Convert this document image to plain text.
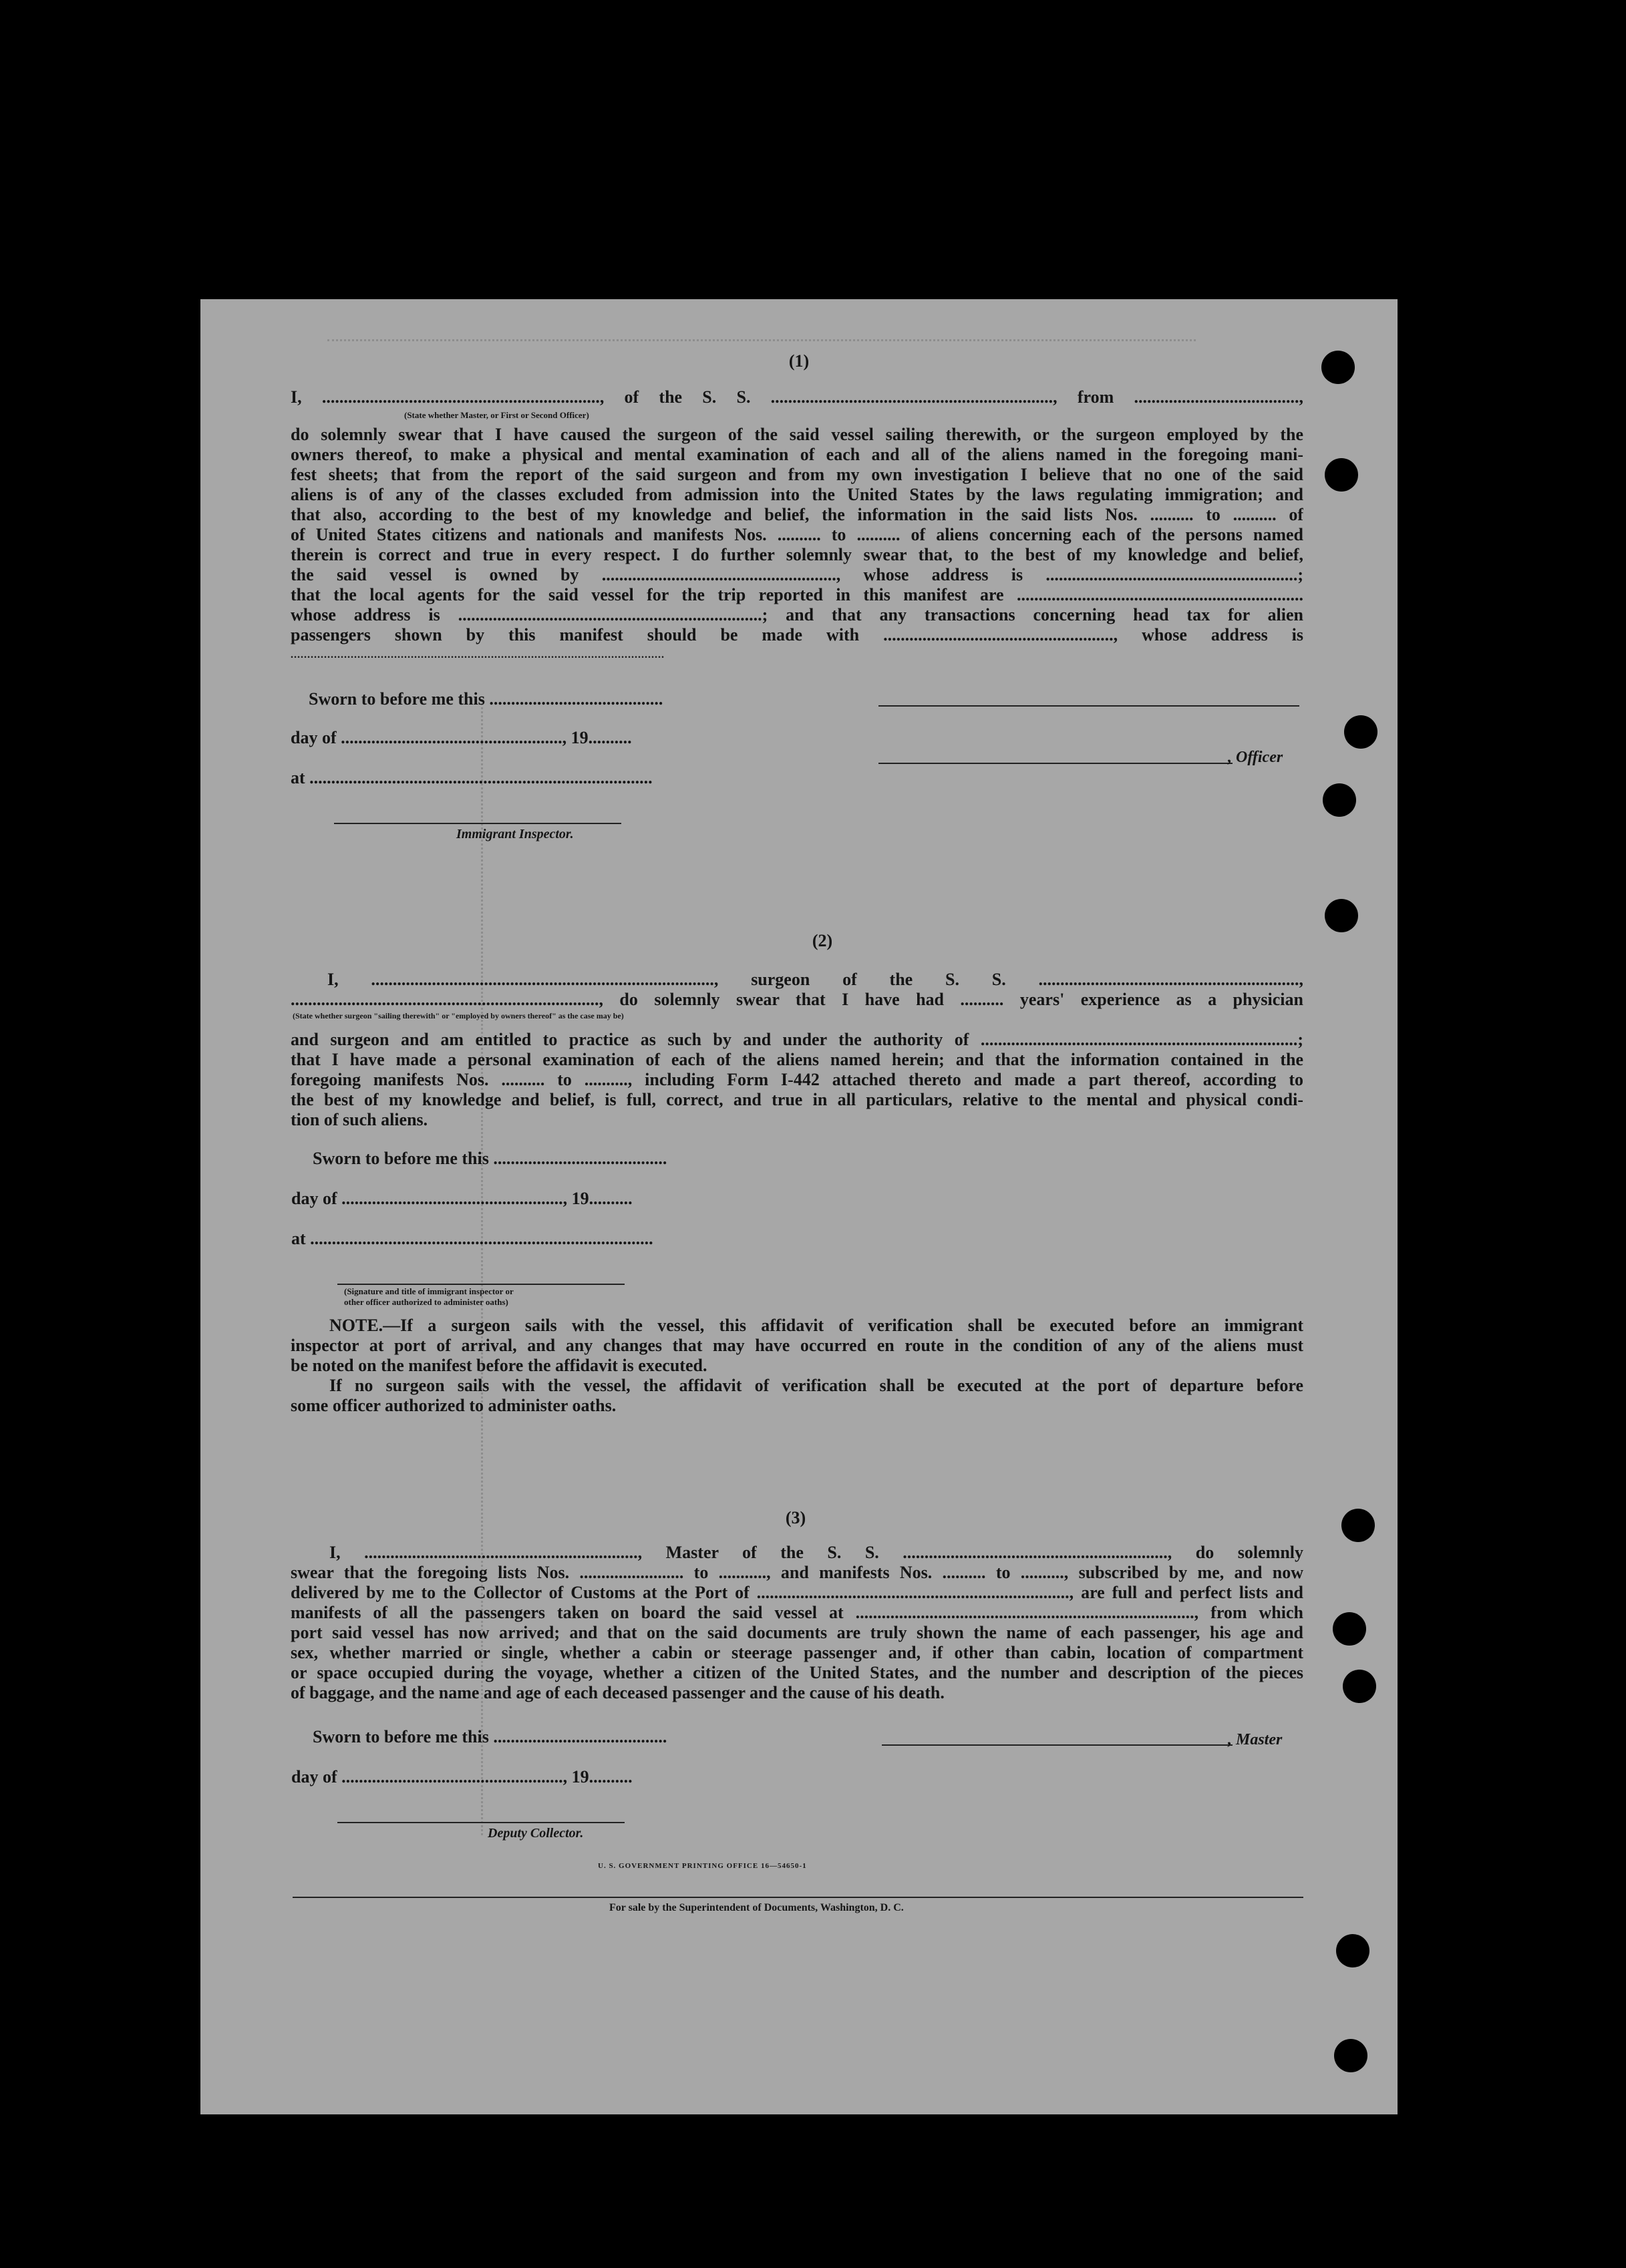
(1)
I, ................................................................, of the S. S. ................................................................., from ......................................,
(State whether Master, or First or Second Officer)
do solemnly swear that I have caused the surgeon of the said vessel sailing therewith, or the surgeon employed by the
owners thereof, to make a physical and mental examination of each and all of the aliens named in the foregoing mani-
fest sheets; that from the report of the said surgeon and from my own investigation I believe that no one of the said
aliens is of any of the classes excluded from admission into the United States by the laws regulating immigration; and
that also, according to the best of my knowledge and belief, the information in the said lists Nos. .......... to .......... of
of United States citizens and nationals and manifests Nos. .......... to .......... of aliens concerning each of the persons named
therein is correct and true in every respect. I do further solemnly swear that, to the best of my knowledge and belief,
the said vessel is owned by ......................................................, whose address is ..........................................................;
that the local agents for the said vessel for the trip reported in this manifest are ..................................................................
whose address is ......................................................................; and that any transactions concerning head tax for alien
passengers shown by this manifest should be made with ....................................................., whose address is
................................................................................................................
Sworn to before me this ........................................
day of ..................................................., 19..........
, Officer
at ...............................................................................
Immigrant Inspector.
(2)
I, ..............................................................................., surgeon of the S. S. ............................................................,
......................................................................., do solemnly swear that I have had .......... years' experience as a physician
(State whether surgeon "sailing therewith" or "employed by owners thereof" as the case may be)
and surgeon and am entitled to practice as such by and under the authority of .........................................................................;
that I have made a personal examination of each of the aliens named herein; and that the information contained in the
foregoing manifests Nos. .......... to .........., including Form I-442 attached thereto and made a part thereof, according to
the best of my knowledge and belief, is full, correct, and true in all particulars, relative to the mental and physical condi-
tion of such aliens.
Sworn to before me this ........................................
day of ..................................................., 19..........
at ...............................................................................
(Signature and title of immigrant inspector or
other officer authorized to administer oaths)
NOTE.—If a surgeon sails with the vessel, this affidavit of verification shall be executed before an immigrant
inspector at port of arrival, and any changes that may have occurred en route in the condition of any of the aliens must
be noted on the manifest before the affidavit is executed.
If no surgeon sails with the vessel, the affidavit of verification shall be executed at the port of departure before
some officer authorized to administer oaths.
(3)
I, ..............................................................., Master of the S. S. ............................................................., do solemnly
swear that the foregoing lists Nos. ........................ to ..........., and manifests Nos. .......... to .........., subscribed by me, and now
delivered by me to the Collector of Customs at the Port of ........................................................................, are full and perfect lists and
manifests of all the passengers taken on board the said vessel at .............................................................................., from which
port said vessel has now arrived; and that on the said documents are truly shown the name of each passenger, his age and
sex, whether married or single, whether a cabin or steerage passenger and, if other than cabin, location of compartment
or space occupied during the voyage, whether a citizen of the United States, and the number and description of the pieces
of baggage, and the name and age of each deceased passenger and the cause of his death.
Sworn to before me this ........................................	, Master
day of ..................................................., 19..........
Deputy Collector.
U. S. GOVERNMENT PRINTING OFFICE 16—54650-1
For sale by the Superintendent of Documents, Washington, D. C.
